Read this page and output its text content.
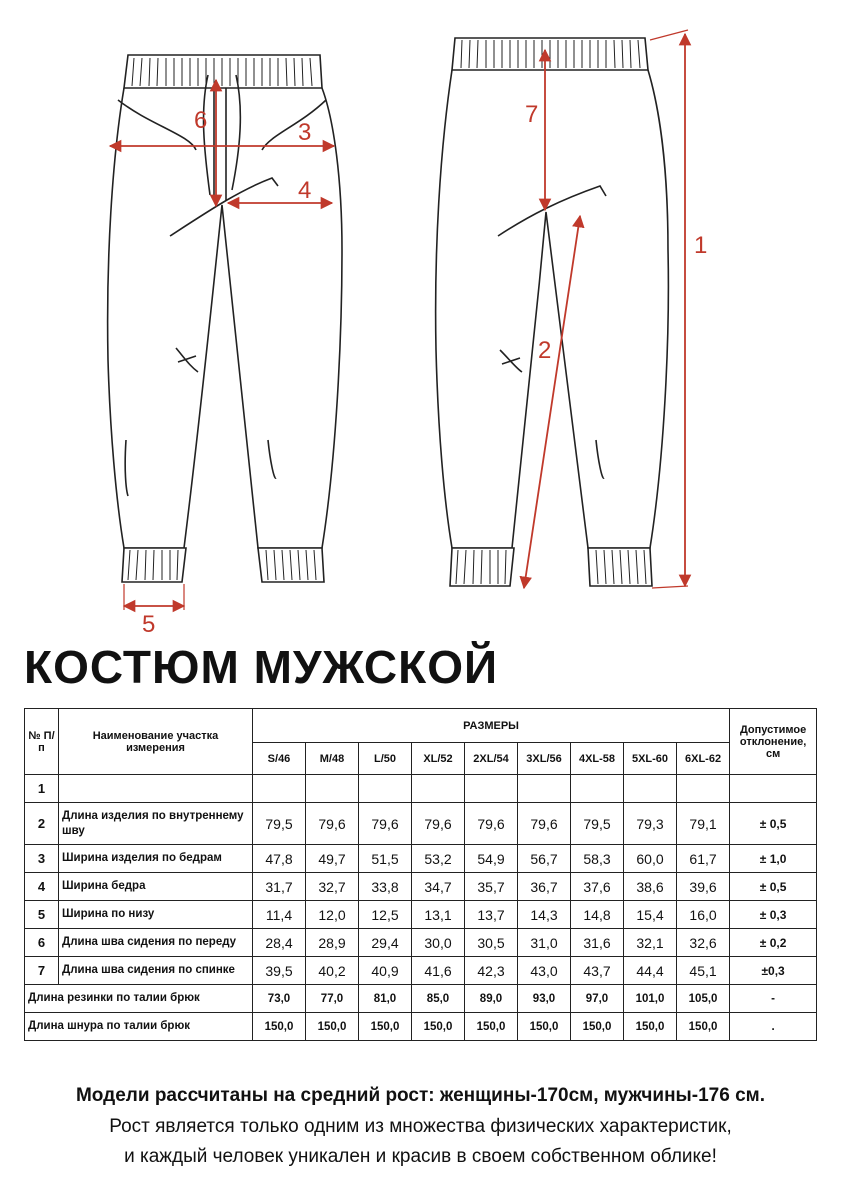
1
2
3
4
5
6	7
КОСТЮМ МУЖСКОЙ
№ П/п	Наименование участка измерения	РАЗМЕРЫ									Допустимое отклонение, см
		S/46	M/48	L/50	XL/52	2XL/54	3XL/56	4XL-58	5XL-60	6XL-62	
1											
2	Длина изделия по внутреннему шву	79,5	79,6	79,6	79,6	79,6	79,6	79,5	79,3	79,1	± 0,5
3	Ширина изделия по бедрам	47,8	49,7	51,5	53,2	54,9	56,7	58,3	60,0	61,7	± 1,0
4	Ширина бедра	31,7	32,7	33,8	34,7	35,7	36,7	37,6	38,6	39,6	± 0,5
5	Ширина по низу	11,4	12,0	12,5	13,1	13,7	14,3	14,8	15,4	16,0	± 0,3
6	Длина шва сидения по переду	28,4	28,9	29,4	30,0	30,5	31,0	31,6	32,1	32,6	± 0,2
7	Длина шва сидения по спинке	39,5	40,2	40,9	41,6	42,3	43,0	43,7	44,4	45,1	±0,3
Длина резинки по талии брюк		73,0	77,0	81,0	85,0	89,0	93,0	97,0	101,0	105,0	-
Длина шнура по талии брюк		150,0	150,0	150,0	150,0	150,0	150,0	150,0	150,0	150,0	.
Модели рассчитаны на средний рост: женщины-170см, мужчины-176 см.
Рост является только одним из множества физических характеристик,
и каждый человек уникален и красив в своем собственном облике!
